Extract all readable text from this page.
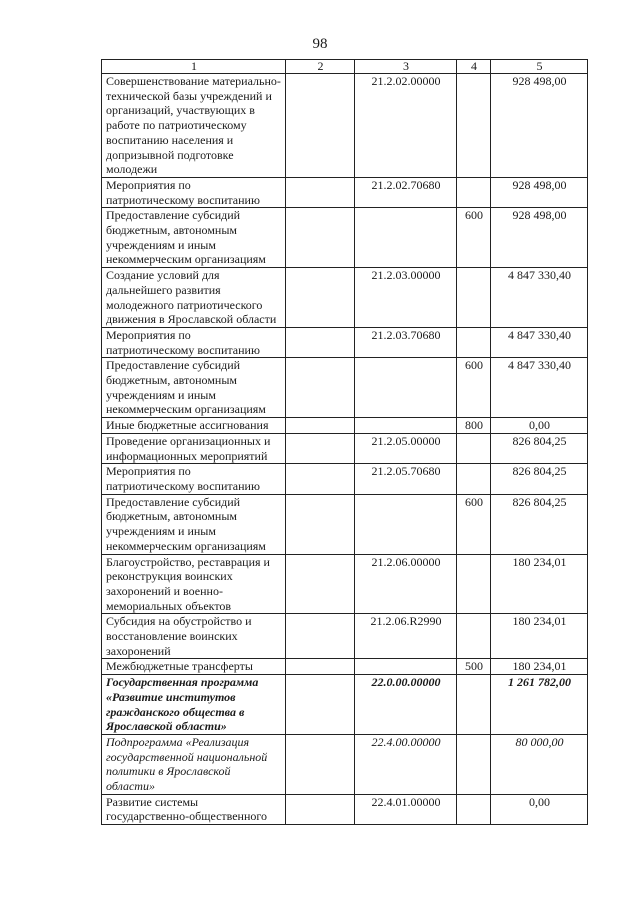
98
1	2	3	4	5
Совершенствование материально-технической базы учреждений и организаций, участвующих в работе по патриотическому воспитанию населения и допризывной подготовке молодежи		21.2.02.00000		928 498,00
Мероприятия по патриотическому воспитанию		21.2.02.70680		928 498,00
Предоставление субсидий бюджетным, автономным учреждениям и иным некоммерческим организациям			600	928 498,00
Создание условий для дальнейшего развития молодежного патриотического движения в Ярославской области		21.2.03.00000		4 847 330,40
Мероприятия по патриотическому воспитанию		21.2.03.70680		4 847 330,40
Предоставление субсидий бюджетным, автономным учреждениям и иным некоммерческим организациям			600	4 847 330,40
Иные бюджетные ассигнования			800	0,00
Проведение организационных и информационных мероприятий		21.2.05.00000		826 804,25
Мероприятия по патриотическому воспитанию		21.2.05.70680		826 804,25
Предоставление субсидий бюджетным, автономным учреждениям и иным некоммерческим организациям			600	826 804,25
Благоустройство, реставрация и реконструкция воинских захоронений и военно-мемориальных объектов		21.2.06.00000		180 234,01
Субсидия на обустройство и восстановление воинских захоронений		21.2.06.R2990		180 234,01
Межбюджетные трансферты			500	180 234,01
Государственная программа «Развитие институтов гражданского общества в Ярославской области»		22.0.00.00000		1 261 782,00
Подпрограмма «Реализация государственной национальной политики в Ярославской области»		22.4.00.00000		80 000,00
Развитие системы государственно-общественного		22.4.01.00000		0,00
